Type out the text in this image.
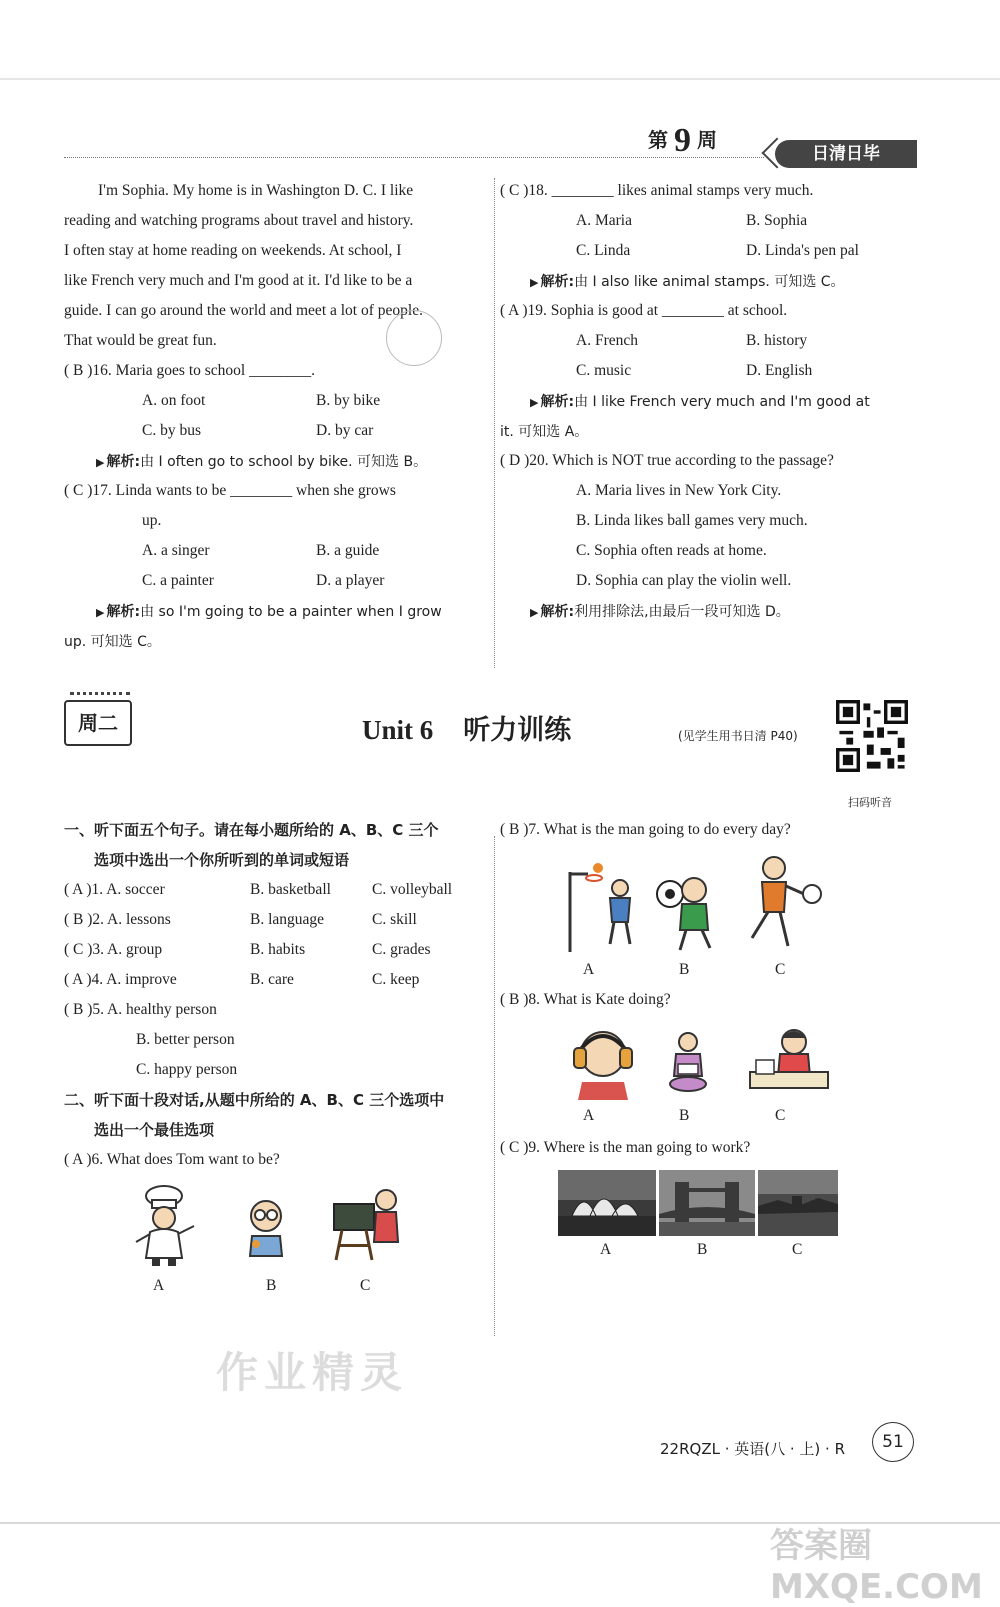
第 9 周
日清日毕
I'm Sophia. My home is in Washington D. C. I like
reading and watching programs about travel and history.
I often stay at home reading on weekends. At school, I
like French very much and I'm good at it. I'd like to be a
guide. I can go around the world and meet a lot of people.
That would be great fun.
( B )16. Maria goes to school ________.
A. on foot	B. by bike
C. by bus	D. by car
▶ 解析:由 I often go to school by bike. 可知选 B。
( C )17. Linda wants to be ________ when she grows
up.
A. a singer	B. a guide
C. a painter	D. a player
▶ 解析:由 so I'm going to be a painter when I grow
up. 可知选 C。
( C )18. ________ likes animal stamps very much.
A. Maria	B. Sophia
C. Linda	D. Linda's pen pal
▶ 解析:由 I also like animal stamps. 可知选 C。
( A )19. Sophia is good at ________ at school.
A. French	B. history
C. music	D. English
▶ 解析:由 I like French very much and I'm good at
it. 可知选 A。
( D )20. Which is NOT true according to the passage?
A. Maria lives in New York City.
B. Linda likes ball games very much.
C. Sophia often reads at home.
D. Sophia can play the violin well.
▶ 解析:利用排除法,由最后一段可知选 D。
周二	Unit 6 听力训练	(见学生用书日清 P40)
扫码听音
一、听下面五个句子。请在每小题所给的 A、B、C 三个
选项中选出一个你所听到的单词或短语
( A )1. A. soccer	B. basketball	C. volleyball
( B )2. A. lessons	B. language	C. skill
( C )3. A. group	B. habits	C. grades
( A )4. A. improve	B. care	C. keep
( B )5. A. healthy person
B. better person
C. happy person
二、听下面十段对话,从题中所给的 A、B、C 三个选项中
选出一个最佳选项
( A )6. What does Tom want to be?
A	B	C
( B )7. What is the man going to do every day?
A	B	C
( B )8. What is Kate doing?
A	B	C
( C )9. Where is the man going to work?
A	B	C
作业精灵
22RQZL · 英语(八 · 上) · R	51
答案圈 MXQE.COM
